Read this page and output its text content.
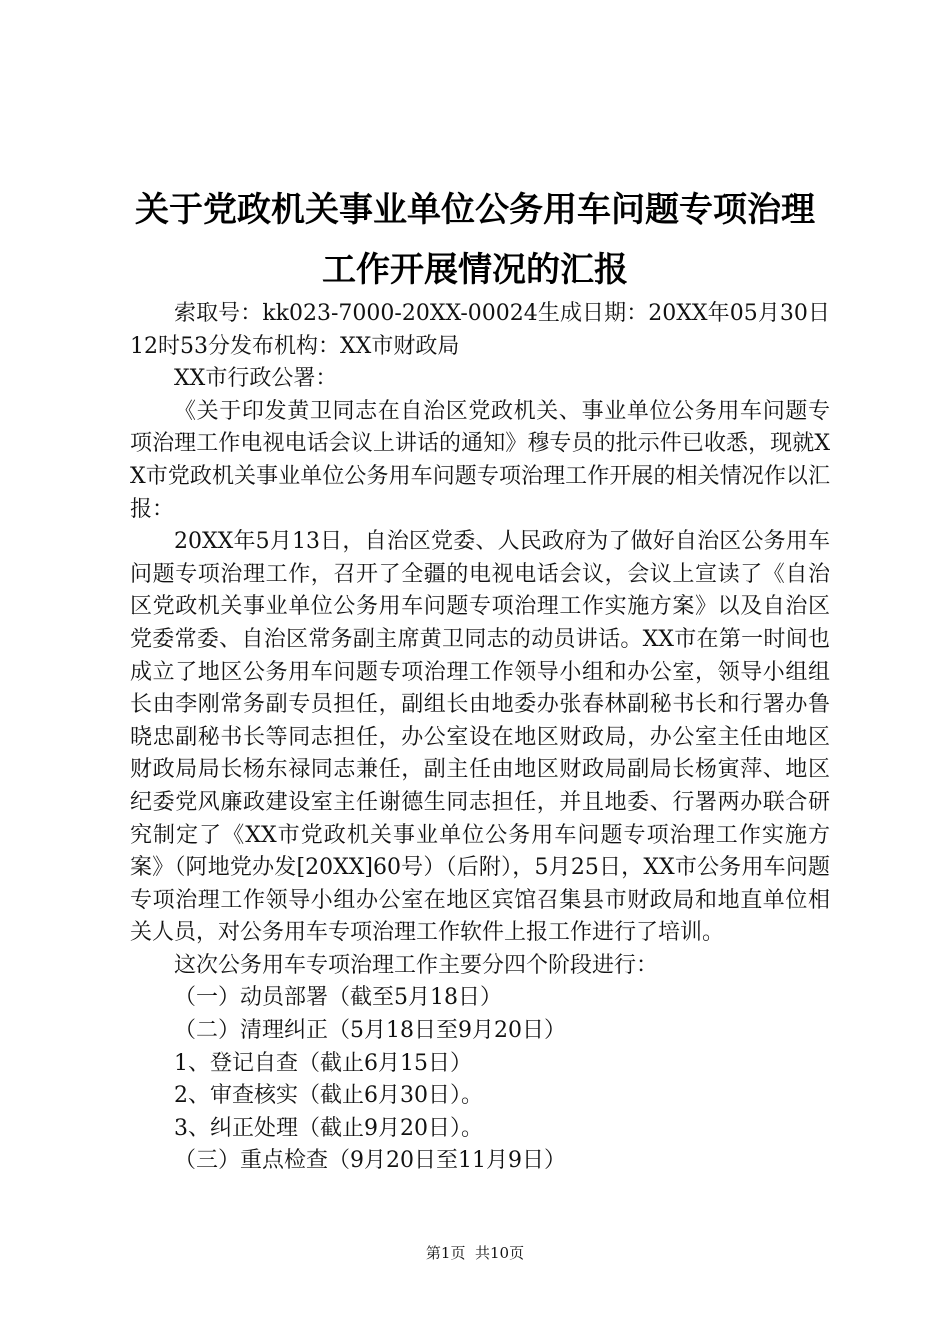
关于党政机关事业单位公务用车问题专项治理
工作开展情况的汇报

索取号：kk023-7000-20XX-00024生成日期：20XX年05月30日12时53分发布机构：XX市财政局

XX市行政公署：

《关于印发黄卫同志在自治区党政机关、事业单位公务用车问题专项治理工作电视电话会议上讲话的通知》穆专员的批示件已收悉，现就XX市党政机关事业单位公务用车问题专项治理工作开展的相关情况作以汇报：

20XX年5月13日，自治区党委、人民政府为了做好自治区公务用车问题专项治理工作，召开了全疆的电视电话会议，会议上宣读了《自治区党政机关事业单位公务用车问题专项治理工作实施方案》以及自治区党委常委、自治区常务副主席黄卫同志的动员讲话。XX市在第一时间也成立了地区公务用车问题专项治理工作领导小组和办公室，领导小组组长由李刚常务副专员担任，副组长由地委办张春林副秘书长和行署办鲁晓忠副秘书长等同志担任，办公室设在地区财政局，办公室主任由地区财政局局长杨东禄同志兼任，副主任由地区财政局副局长杨寅萍、地区纪委党风廉政建设室主任谢德生同志担任，并且地委、行署两办联合研究制定了《XX市党政机关事业单位公务用车问题专项治理工作实施方案》（阿地党办发[20XX]60号）（后附），5月25日，XX市公务用车问题专项治理工作领导小组办公室在地区宾馆召集县市财政局和地直单位相关人员，对公务用车专项治理工作软件上报工作进行了培训。

这次公务用车专项治理工作主要分四个阶段进行：

（一）动员部署（截至5月18日）

（二）清理纠正（5月18日至9月20日）

1、登记自查（截止6月15日）

2、审查核实（截止6月30日）。

3、纠正处理（截止9月20日）。

（三）重点检查（9月20日至11月9日）

第1页  共10页
